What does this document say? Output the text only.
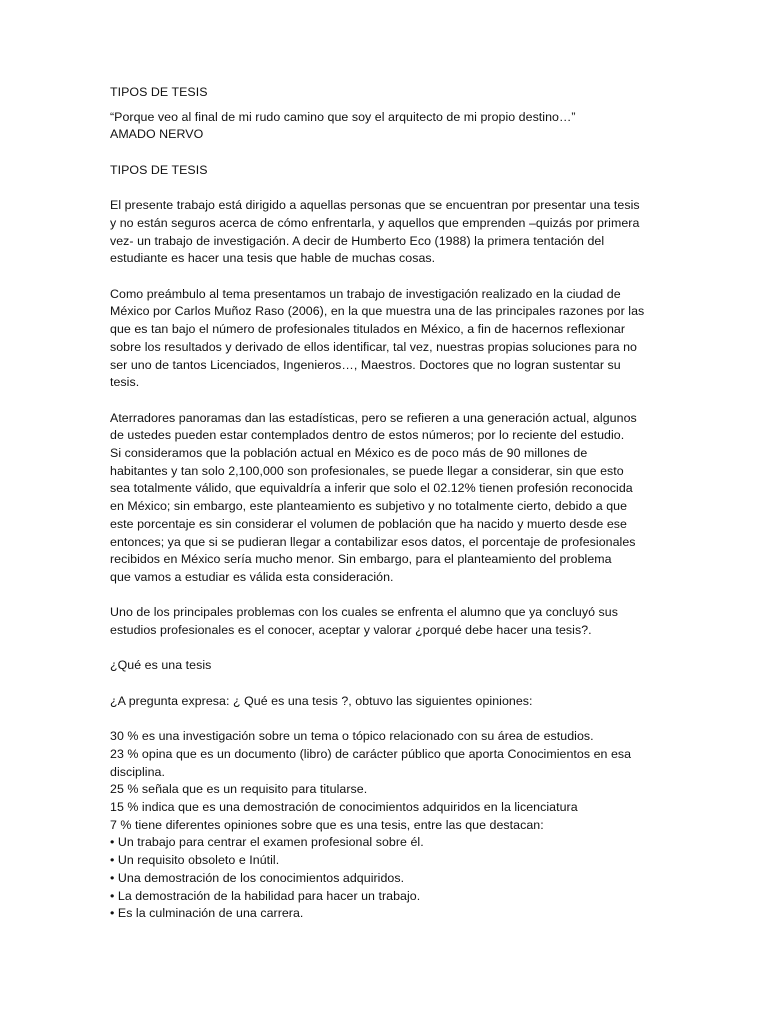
TIPOS DE TESIS
“Porque veo al final de mi rudo camino que soy el arquitecto de mi propio destino…”
AMADO NERVO
TIPOS DE TESIS
El presente trabajo está dirigido a aquellas personas que se encuentran por presentar una tesis
y no están seguros acerca de cómo enfrentarla, y aquellos que emprenden –quizás por primera
vez- un trabajo de investigación. A decir de Humberto Eco (1988) la primera tentación del
estudiante es hacer una tesis que hable de muchas cosas.
Como preámbulo al tema presentamos un trabajo de investigación realizado en la ciudad de
México por Carlos Muñoz Raso (2006), en la que muestra una de las principales razones por las
que es tan bajo el número de profesionales titulados en México, a fin de hacernos reflexionar
sobre los resultados y derivado de ellos identificar, tal vez, nuestras propias soluciones para no
ser uno de tantos Licenciados, Ingenieros…, Maestros. Doctores que no logran sustentar su
tesis.
Aterradores panoramas dan las estadísticas, pero se refieren a una generación actual, algunos
de ustedes pueden estar contemplados dentro de estos números; por lo reciente del estudio.
Si consideramos que la población actual en México es de poco más de 90 millones de
habitantes y tan solo 2,100,000 son profesionales, se puede llegar a considerar, sin que esto
sea totalmente válido, que equivaldría a inferir que solo el 02.12% tienen profesión reconocida
en México; sin embargo, este planteamiento es subjetivo y no totalmente cierto, debido a que
este porcentaje es sin considerar el volumen de población que ha nacido y muerto desde ese
entonces; ya que si se pudieran llegar a contabilizar esos datos, el porcentaje de profesionales
recibidos en México sería mucho menor. Sin embargo, para el planteamiento del problema
que vamos a estudiar es válida esta consideración.
Uno de los principales problemas con los cuales se enfrenta el alumno que ya concluyó sus
estudios profesionales es el conocer, aceptar y valorar ¿porqué debe hacer una tesis?.
¿Qué es una tesis
¿A pregunta expresa: ¿ Qué es una tesis ?, obtuvo las siguientes opiniones:
30 % es una investigación sobre un tema o tópico relacionado con su área de estudios.
23 % opina que es un documento (libro) de carácter público que aporta Conocimientos en esa
disciplina.
25 % señala que es un requisito para titularse.
15 % indica que es una demostración de conocimientos adquiridos en la licenciatura
7 % tiene diferentes opiniones sobre que es una tesis, entre las que destacan:
• Un trabajo para centrar el examen profesional sobre él.
• Un requisito obsoleto e Inútil.
• Una demostración de los conocimientos adquiridos.
• La demostración de la habilidad para hacer un trabajo.
• Es la culminación de una carrera.
